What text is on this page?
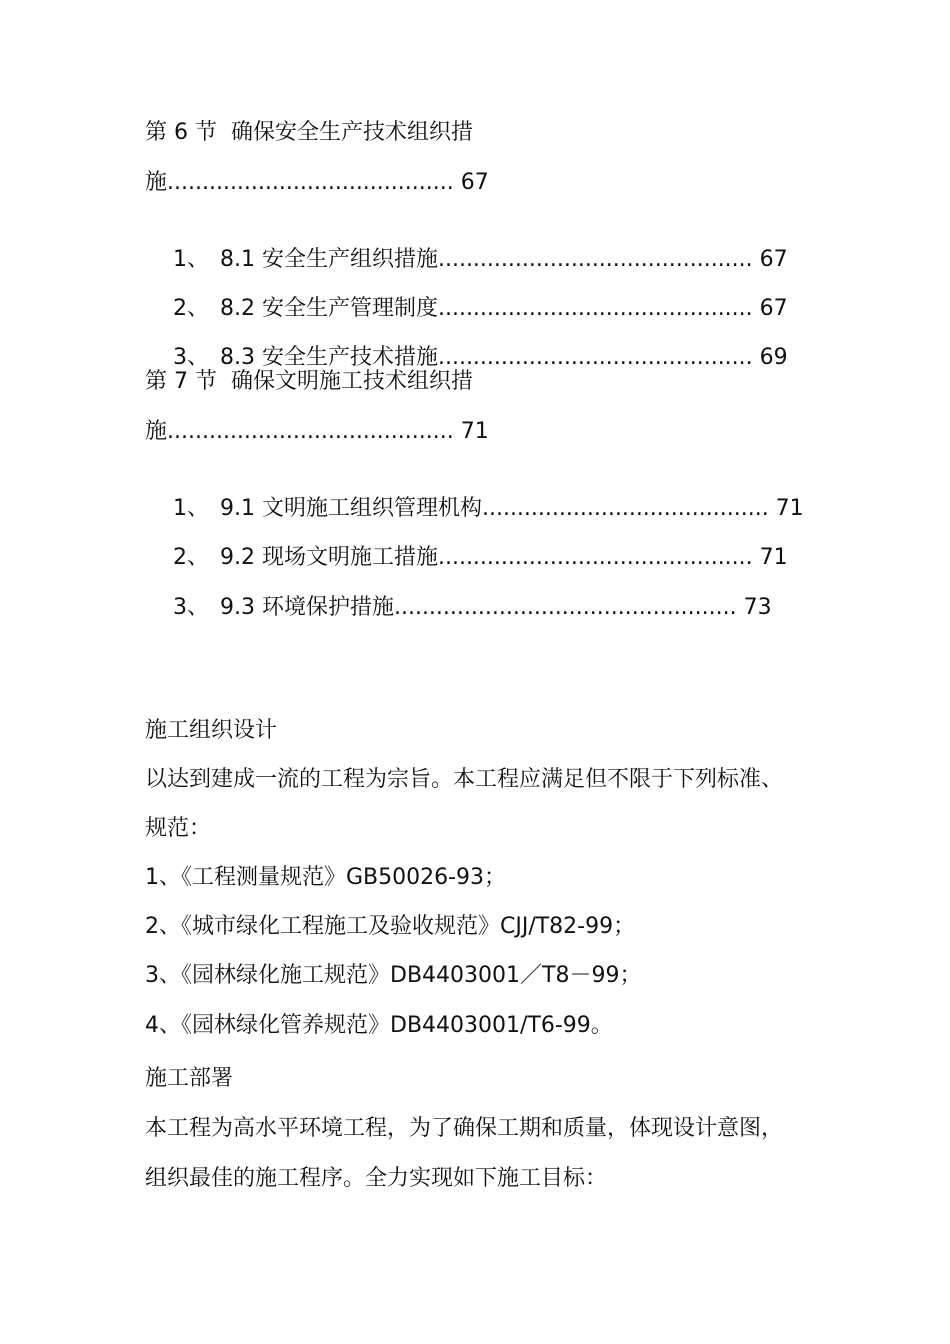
第 6 节  确保安全生产技术组织措
施......................................... 67

1、 8.1 安全生产组织措施............................................. 67

2、 8.2 安全生产管理制度............................................. 67

3、 8.3 安全生产技术措施............................................. 69

第 7 节  确保文明施工技术组织措
施......................................... 71

1、 9.1 文明施工组织管理机构......................................... 71

2、 9.2 现场文明施工措施............................................. 71

3、 9.3 环境保护措施................................................. 73

施工组织设计
以达到建成一流的工程为宗旨。本工程应满足但不限于下列标准、
规范：
1、《工程测量规范》GB50026-93；
2、《城市绿化工程施工及验收规范》CJJ/T82-99；
3、《园林绿化施工规范》DB4403001／T8－99；
4、《园林绿化管养规范》DB4403001/T6-99。
施工部署
本工程为高水平环境工程，为了确保工期和质量，体现设计意图，
组织最佳的施工程序。全力实现如下施工目标：
